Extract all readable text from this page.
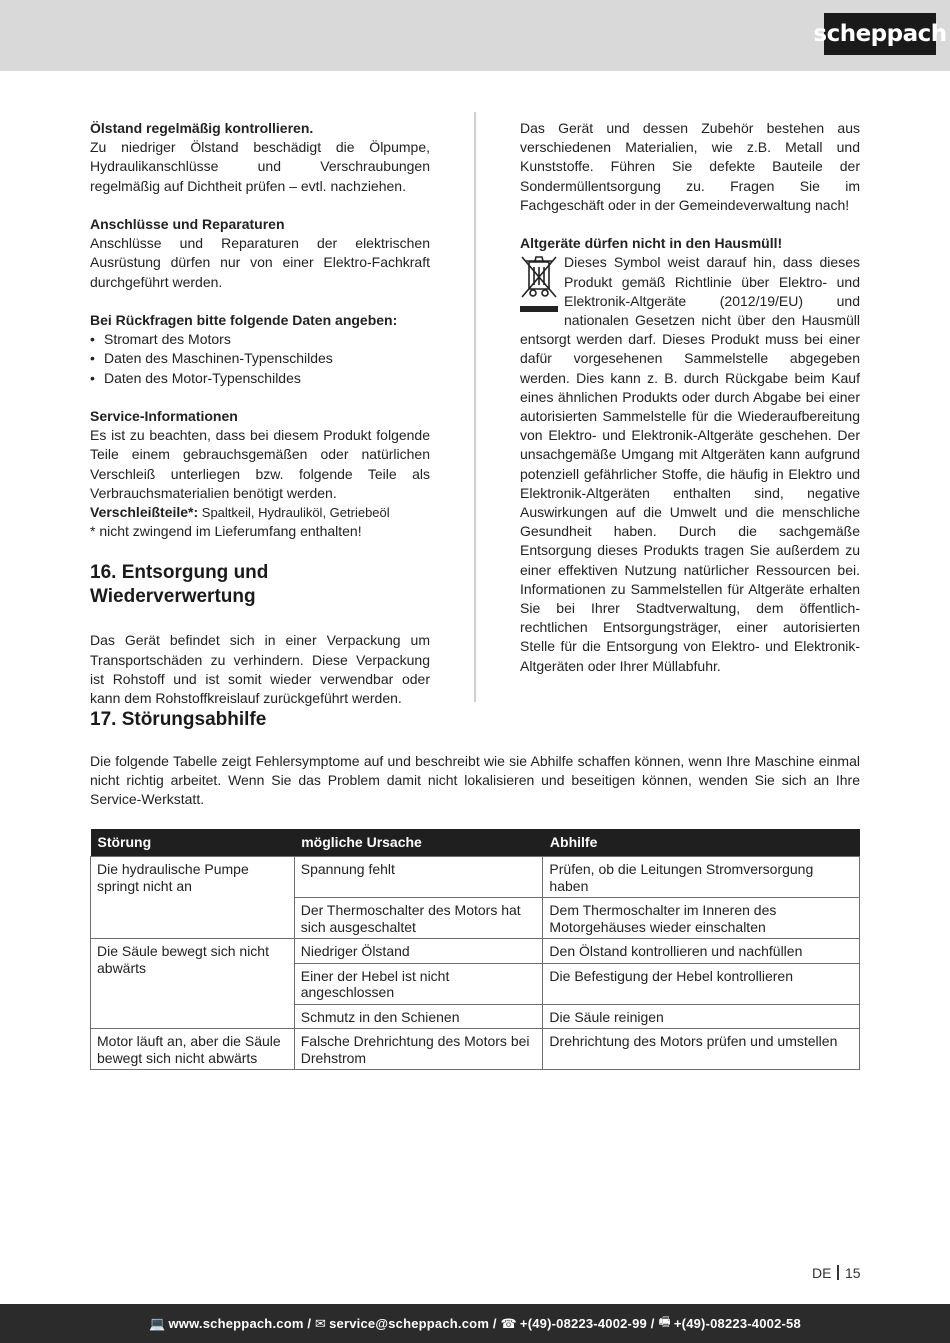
scheppach

Ölstand regelmäßig kontrollieren.

Zu niedriger Ölstand beschädigt die Ölpumpe, Hydraulikanschlüsse und Verschraubungen regelmäßig auf Dichtheit prüfen – evtl. nachziehen.

Anschlüsse und Reparaturen

Anschlüsse und Reparaturen der elektrischen Ausrüstung dürfen nur von einer Elektro-Fachkraft durchgeführt werden.

Bei Rückfragen bitte folgende Daten angeben:

• Stromart des Motors
• Daten des Maschinen-Typenschildes
• Daten des Motor-Typenschildes

Service-Informationen

Es ist zu beachten, dass bei diesem Produkt folgende Teile einem gebrauchsgemäßen oder natürlichen Verschleiß unterliegen bzw. folgende Teile als Verbrauchsmaterialien benötigt werden.

Verschleißteile*: Spaltkeil, Hydrauliköl, Getriebeöl

* nicht zwingend im Lieferumfang enthalten!

16. Entsorgung und Wiederverwertung

Das Gerät befindet sich in einer Verpackung um Transportschäden zu verhindern. Diese Verpackung ist Rohstoff und ist somit wieder verwendbar oder kann dem Rohstoffkreislauf zurückgeführt werden.

Das Gerät und dessen Zubehör bestehen aus verschiedenen Materialien, wie z.B. Metall und Kunststoffe. Führen Sie defekte Bauteile der Sondermüllentsorgung zu. Fragen Sie im Fachgeschäft oder in der Gemeindeverwaltung nach!

Altgeräte dürfen nicht in den Hausmüll!

Dieses Symbol weist darauf hin, dass dieses Produkt gemäß Richtlinie über Elektro- und Elektronik-Altgeräte (2012/19/EU) und nationalen Gesetzen nicht über den Hausmüll entsorgt werden darf. Dieses Produkt muss bei einer dafür vorgesehenen Sammelstelle abgegeben werden. Dies kann z. B. durch Rückgabe beim Kauf eines ähnlichen Produkts oder durch Abgabe bei einer autorisierten Sammelstelle für die Wiederaufbereitung von Elektro- und Elektronik-Altgeräte geschehen. Der unsachgemäße Umgang mit Altgeräten kann aufgrund potenziell gefährlicher Stoffe, die häufig in Elektro und Elektronik-Altgeräten enthalten sind, negative Auswirkungen auf die Umwelt und die menschliche Gesundheit haben. Durch die sachgemäße Entsorgung dieses Produkts tragen Sie außerdem zu einer effektiven Nutzung natürlicher Ressourcen bei. Informationen zu Sammelstellen für Altgeräte erhalten Sie bei Ihrer Stadtverwaltung, dem öffentlich-rechtlichen Entsorgungsträger, einer autorisierten Stelle für die Entsorgung von Elektro- und Elektronik-Altgeräten oder Ihrer Müllabfuhr.

17. Störungsabhilfe

Die folgende Tabelle zeigt Fehlersymptome auf und beschreibt wie sie Abhilfe schaffen können, wenn Ihre Maschine einmal nicht richtig arbeitet. Wenn Sie das Problem damit nicht lokalisieren und beseitigen können, wenden Sie sich an Ihre Service-Werkstatt.

Störung	mögliche Ursache	Abhilfe
Die hydraulische Pumpe springt nicht an	Spannung fehlt	Prüfen, ob die Leitungen Stromversorgung haben
	Der Thermoschalter des Motors hat sich ausgeschaltet	Dem Thermoschalter im Inneren des Motorgehäuses wieder einschalten
Die Säule bewegt sich nicht abwärts	Niedriger Ölstand	Den Ölstand kontrollieren und nachfüllen
	Einer der Hebel ist nicht angeschlossen	Die Befestigung der Hebel kontrollieren
	Schmutz in den Schienen	Die Säule reinigen
Motor läuft an, aber die Säule bewegt sich nicht abwärts	Falsche Drehrichtung des Motors bei Drehstrom	Drehrichtung des Motors prüfen und umstellen
DE 15
💻 www.scheppach.com / ✉ service@scheppach.com / ☎ +(49)-08223-4002-99 / 🖷 +(49)-08223-4002-58
